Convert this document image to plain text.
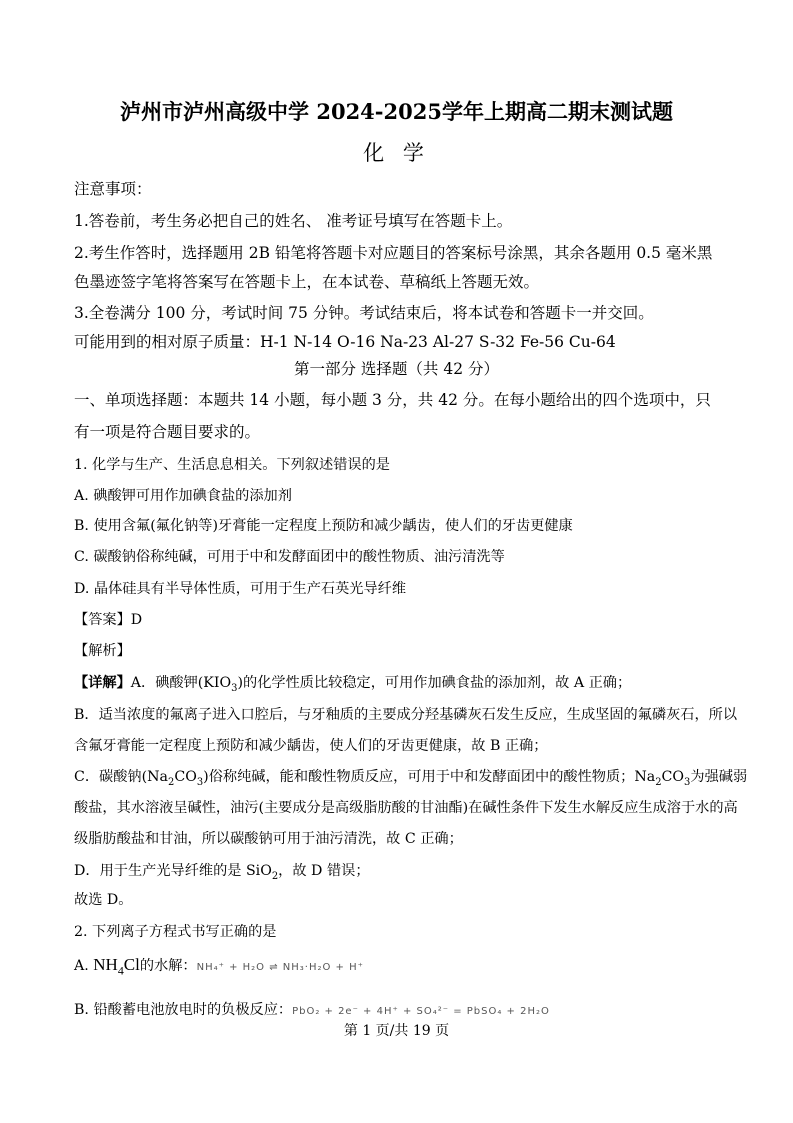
泸州市泸州高级中学 2024-2025学年上期高二期末测试题
化 学
注意事项：
1.答卷前，考生务必把自己的姓名、 准考证号填写在答题卡上。
2.考生作答时，选择题用 2B 铅笔将答题卡对应题目的答案标号涂黑，其余各题用 0.5 毫米黑
色墨迹签字笔将答案写在答题卡上，在本试卷、草稿纸上答题无效。
3.全卷满分 100 分，考试时间 75 分钟。考试结束后，将本试卷和答题卡一并交回。
可能用到的相对原子质量：H-1 N-14 O-16 Na-23 Al-27 S-32 Fe-56 Cu-64
第一部分 选择题（共 42 分）
一、单项选择题：本题共 14 小题，每小题 3 分，共 42 分。在每小题给出的四个选项中，只
有一项是符合题目要求的。
1. 化学与生产、生活息息相关。下列叙述错误的是
A. 碘酸钾可用作加碘食盐的添加剂
B. 使用含氟(氟化钠等)牙膏能一定程度上预防和减少龋齿，使人们的牙齿更健康
C. 碳酸钠俗称纯碱，可用于中和发酵面团中的酸性物质、油污清洗等
D. 晶体硅具有半导体性质，可用于生产石英光导纤维
【答案】D
【解析】
【详解】A．碘酸钾$(KIO_3)$的化学性质比较稳定，可用作加碘食盐的添加剂，故 A 正确；
B．适当浓度的氟离子进入口腔后，与牙釉质的主要成分羟基磷灰石发生反应，生成坚固的氟磷灰石，所以
含氟牙膏能一定程度上预防和减少龋齿，使人们的牙齿更健康，故 B 正确；
C．碳酸钠$(Na_2CO_3)$俗称纯碱，能和酸性物质反应，可用于中和发酵面团中的酸性物质；$Na_2CO_3$为强碱弱
酸盐，其水溶液呈碱性，油污(主要成分是高级脂肪酸的甘油酯)在碱性条件下发生水解反应生成溶于水的高
级脂肪酸盐和甘油，所以碳酸钠可用于油污清洗，故 C 正确；
D．用于生产光导纤维的是 SiO$_2$，故 D 错误；
故选 D。
2. 下列离子方程式书写正确的是
A. $NH_4Cl$的水解：NH₄⁺ + H₂O ⇌ NH₃·H₂O + H⁺
B. 铅酸蓄电池放电时的负极反应：PbO₂ + 2e⁻ + 4H⁺ + SO₄²⁻ = PbSO₄ + 2H₂O
第 1 页/共 19 页
